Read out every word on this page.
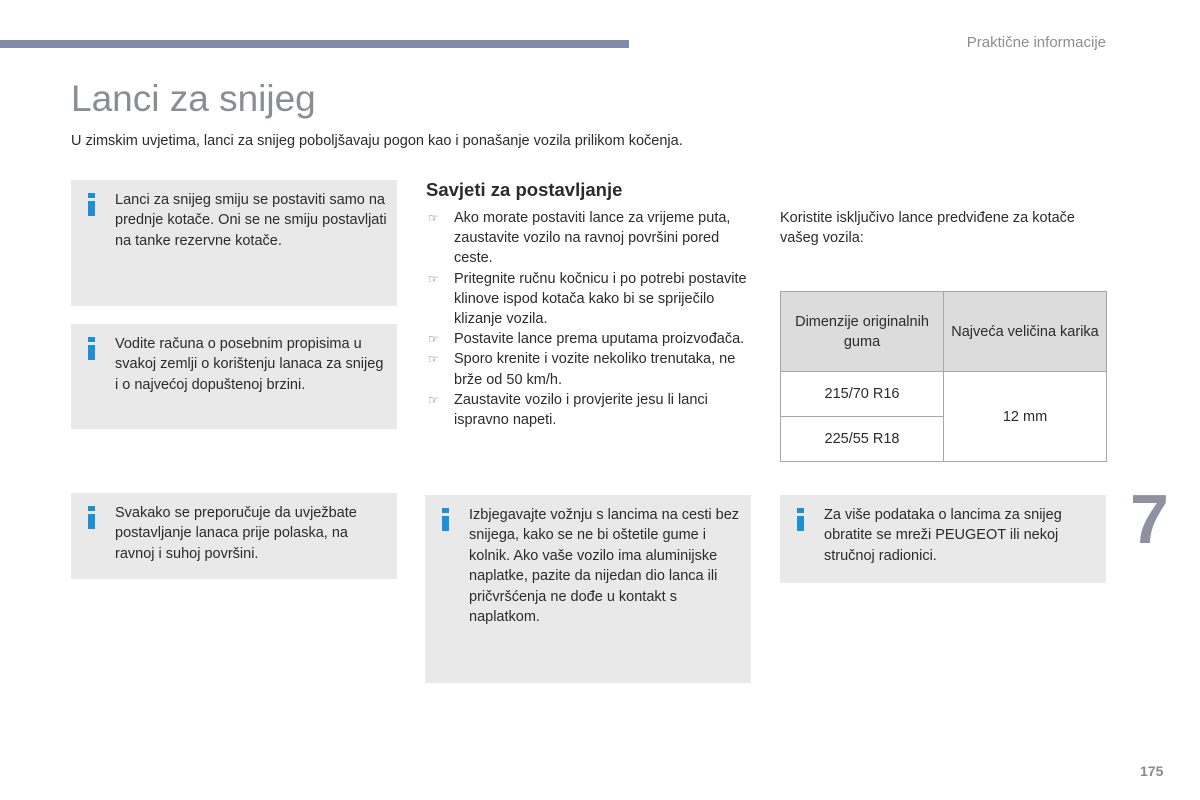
Praktične informacije
Lanci za snijeg
U zimskim uvjetima, lanci za snijeg poboljšavaju pogon kao i ponašanje vozila prilikom kočenja.
Lanci za snijeg smiju se postaviti samo na prednje kotače. Oni se ne smiju postavljati na tanke rezervne kotače.
Vodite računa o posebnim propisima u svakoj zemlji o korištenju lanaca za snijeg i o najvećoj dopuštenoj brzini.
Svakako se preporučuje da uvježbate postavljanje lanaca prije polaska, na ravnoj i suhoj površini.
Savjeti za postavljanje
☞ Ako morate postaviti lance za vrijeme puta, zaustavite vozilo na ravnoj površini pored ceste.
☞ Pritegnite ručnu kočnicu i po potrebi postavite klinove ispod kotača kako bi se spriječilo klizanje vozila.
☞ Postavite lance prema uputama proizvođača.
☞ Sporo krenite i vozite nekoliko trenutaka, ne brže od 50 km/h.
☞ Zaustavite vozilo i provjerite jesu li lanci ispravno napeti.
Izbjegavajte vožnju s lancima na cesti bez snijega, kako se ne bi oštetile gume i kolnik. Ako vaše vozilo ima aluminijske naplatke, pazite da nijedan dio lanca ili pričvršćenja ne dođe u kontakt s naplatkom.
Koristite isključivo lance predviđene za kotače vašeg vozila:
Dimenzije originalnih guma	Najveća veličina karika
215/70 R16	12 mm
225/55 R18	
Za više podataka o lancima za snijeg obratite se mreži PEUGEOT ili nekoj stručnoj radionici.	7
175
